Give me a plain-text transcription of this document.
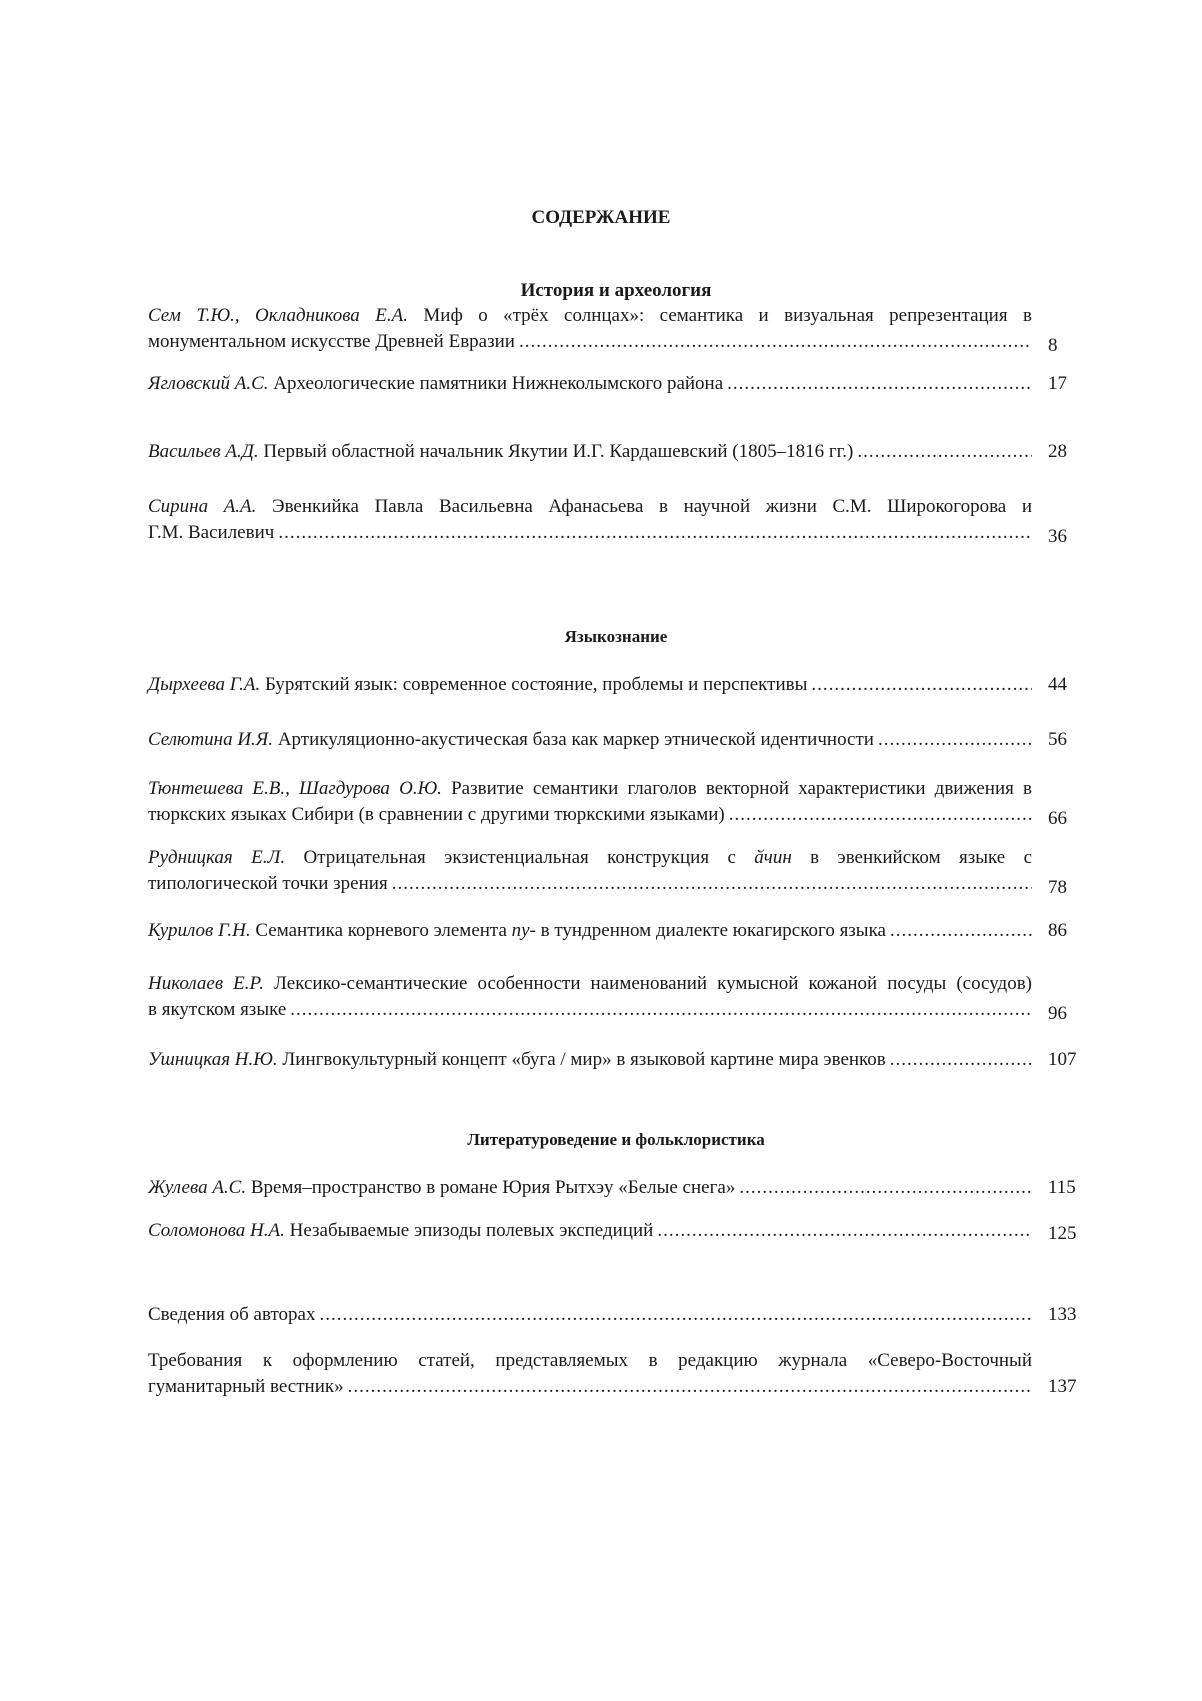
СОДЕРЖАНИЕ
История и археология
Сем Т.Ю., Окладникова Е.А. Миф о «трёх солнцах»: семантика и визуальная репрезентация в
монументальном искусстве Древней Евразии .....	8
Ягловский А.С. Археологические памятники Нижнеколымского района .....	17
Васильев А.Д. Первый областной начальник Якутии И.Г. Кардашевский (1805–1816 гг.) .....	28
Сирина А.А. Эвенкийка Павла Васильевна Афанасьева в научной жизни С.М. Широкогорова и
Г.М. Василевич .....	36
Языкознание
Дырхеева Г.А. Бурятский язык: современное состояние, проблемы и перспективы .....	44
Селютина И.Я. Артикуляционно-акустическая база как маркер этнической идентичности .....	56
Тюнтешева Е.В., Шагдурова О.Ю. Развитие семантики глаголов векторной характеристики движения в
тюркских языках Сибири (в сравнении с другими тюркскими языками) .....	66
Рудницкая Е.Л. Отрицательная экзистенциальная конструкция с ӑчин в эвенкийском языке с
типологической точки зрения .....	78
Курилов Г.Н. Семантика корневого элемента пу- в тундренном диалекте юкагирского языка .....	86
Николаев Е.Р. Лексико-семантические особенности наименований кумысной кожаной посуды (сосудов)
в якутском языке .....	96
Ушницкая Н.Ю. Лингвокультурный концепт «буга / мир» в языковой картине мира эвенков .....	107
Литературоведение и фольклористика
Жулева А.С. Время–пространство в романе Юрия Рытхэу «Белые снега» .....	115
Соломонова Н.А. Незабываемые эпизоды полевых экспедиций .....	125
Сведения об авторах .....	133
Требования к оформлению статей, представляемых в редакцию журнала «Северо-Восточный
гуманитарный вестник» .....	137
